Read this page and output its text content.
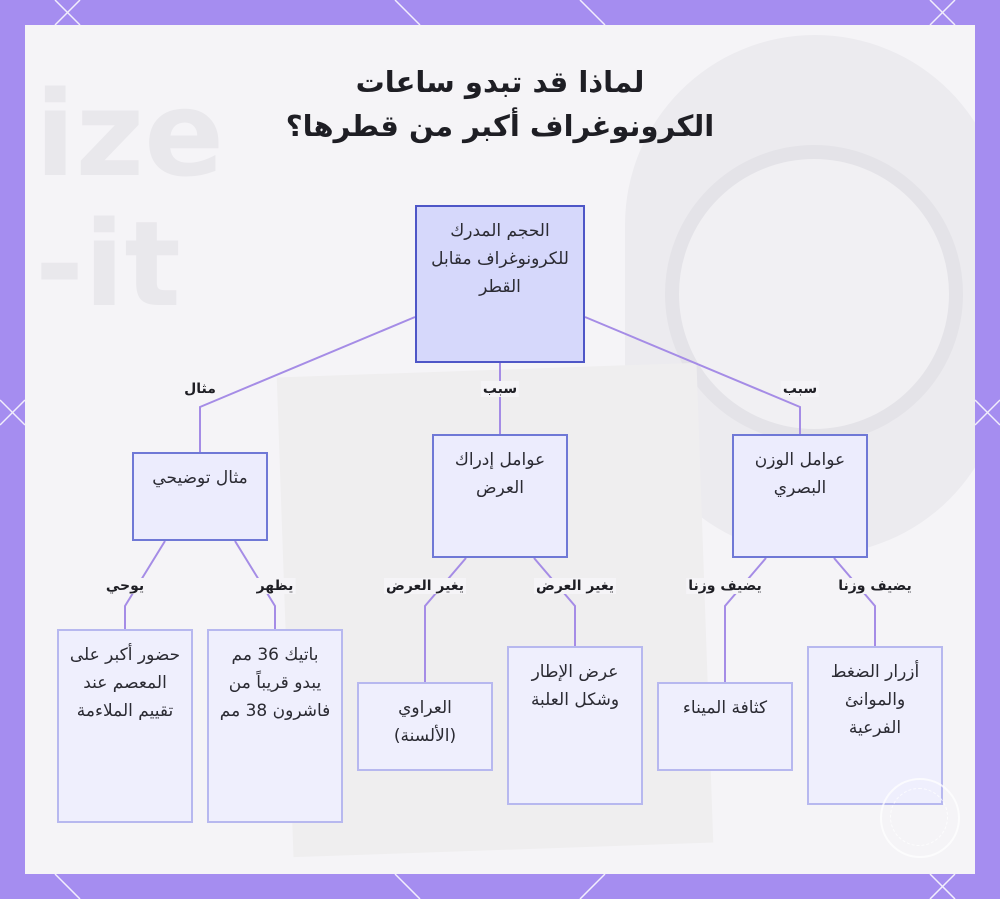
ize
-it
لماذا قد تبدو ساعات
الكرونوغراف أكبر من قطرها؟
الحجم المدرك للكرونوغراف مقابل القطر
مثال توضيحي
عوامل إدراك العرض
عوامل الوزن البصري
حضور أكبر على المعصم عند تقييم الملاءمة
باتيك 36 مم يبدو قريباً من فاشرون 38 مم	العراوي (الألسنة)
عرض الإطار وشكل العلبة	كثافة الميناء
أزرار الضغط والموانئ الفرعية
مثال	سبب	سبب
يوحي	يظهر	يغير العرض	يغير العرض	يضيف وزنا	يضيف وزنا
